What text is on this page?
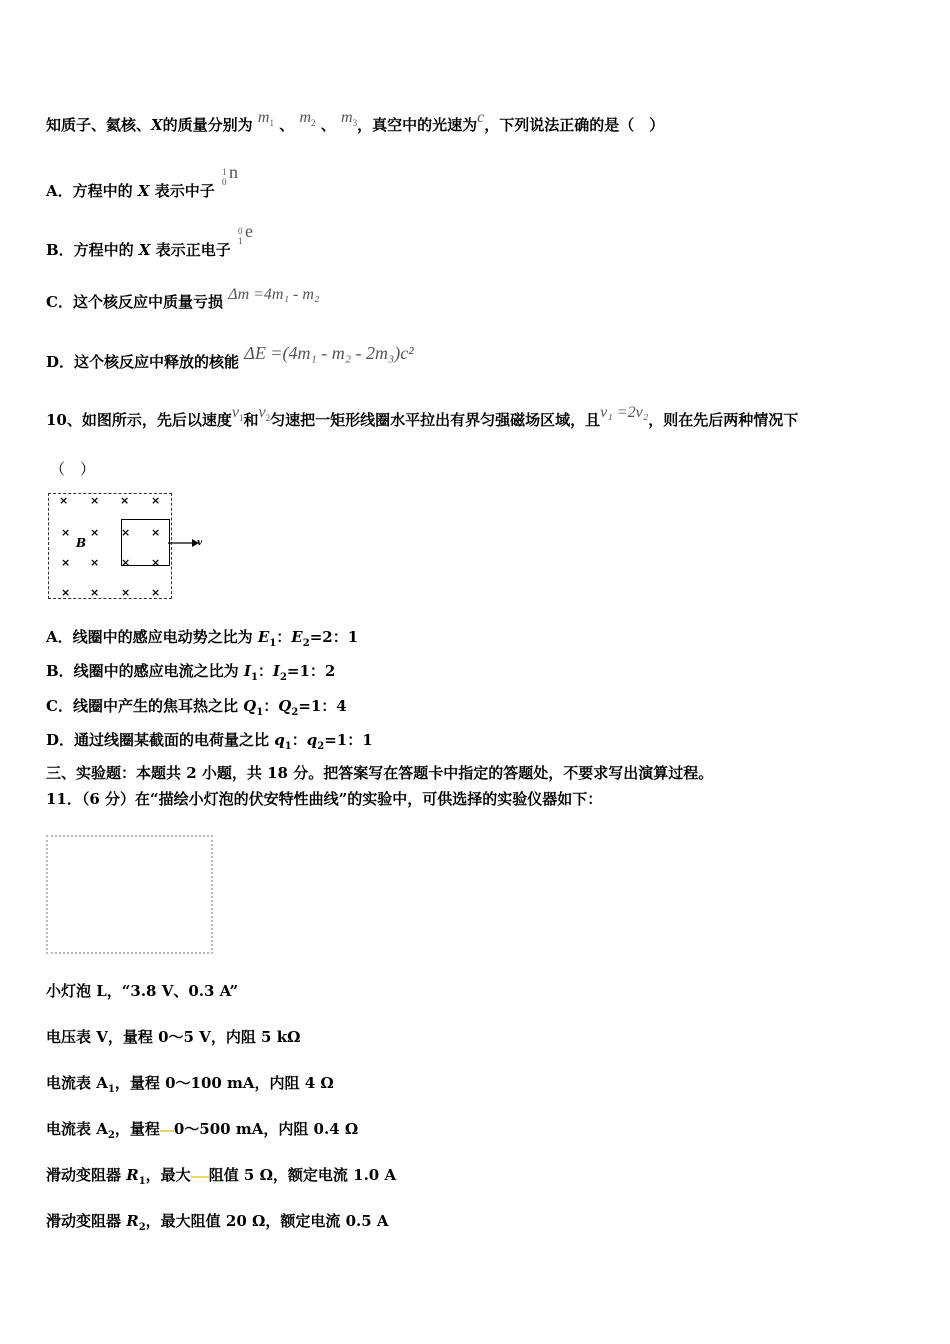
知质子、氦核、X的质量分别为 $m_1$ 、 $m_2$ 、 $m_3$，真空中的光速为c，下列说法正确的是（　）
A．方程中的 X 表示中子
1
0 n
B．方程中的 X 表示正电子
0
1 e
C．这个核反应中质量亏损 Δm =4m₁ - m₂
D．这个核反应中释放的核能 ΔE =(4m₁ - m₂ - 2m₃)c²
10、如图所示，先后以速度$v_1$和$v_2$匀速把一矩形线圈水平拉出有界匀强磁场区域，且v₁ =2v₂，则在先后两种情况下
（　）
× × × ×
× × × ×
× × ×
×
× × × ×
B	v
A．线圈中的感应电动势之比为 $E_1$：$E_2=2$：1
B．线圈中的感应电流之比为 $I_1$：$I_2=1$：2
C．线圈中产生的焦耳热之比 $Q_1$：$Q_2=1$：4
D．通过线圈某截面的电荷量之比 $q_1$：$q_2=1$：1
三、实验题：本题共 2 小题，共 18 分。把答案写在答题卡中指定的答题处，不要求写出演算过程。
11．（6 分）在“描绘小灯泡的伏安特性曲线”的实验中，可供选择的实验仪器如下：
小灯泡 L，“3.8 V、0.3 A”
电压表 V，量程 0～5 V，内阻 5 kΩ
电流表 $A_1$，量程 0～100 mA，内阻 4 Ω
电流表 $A_2$，量程 0～500 mA，内阻 0.4 Ω
滑动变阻器 $R_1$，最大 阻值 5 Ω，额定电流 1.0 A
滑动变阻器 $R_2$，最大阻值 20 Ω，额定电流 0.5 A
